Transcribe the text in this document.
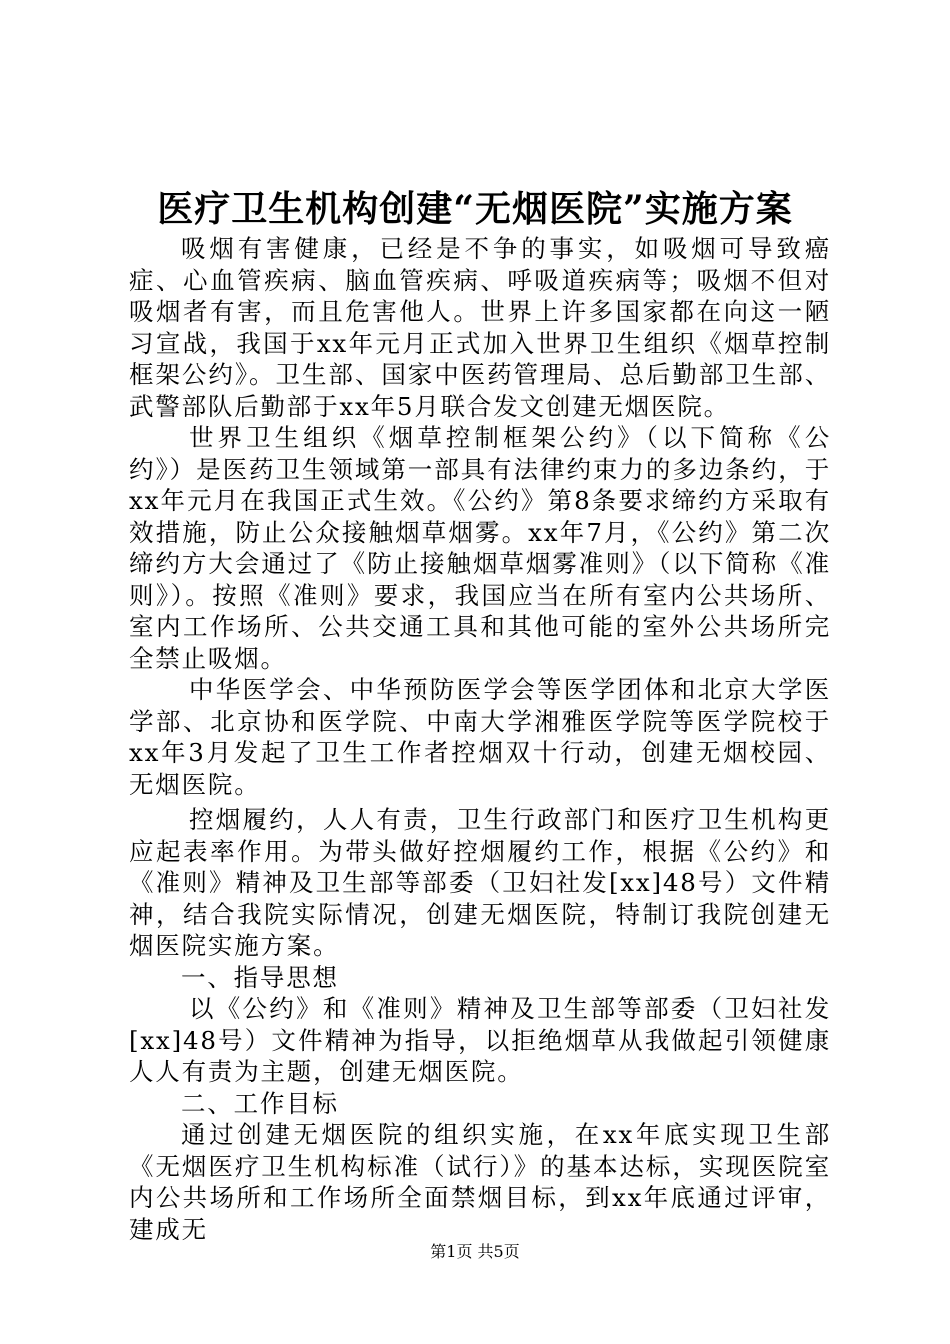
医疗卫生机构创建“无烟医院”实施方案

吸烟有害健康，已经是不争的事实，如吸烟可导致癌症、心血管疾病、脑血管疾病、呼吸道疾病等；吸烟不但对吸烟者有害，而且危害他人。世界上许多国家都在向这一陋习宣战，我国于xx年元月正式加入世界卫生组织《烟草控制框架公约》。卫生部、国家中医药管理局、总后勤部卫生部、武警部队后勤部于xx年5月联合发文创建无烟医院。

世界卫生组织《烟草控制框架公约》（以下简称《公约》）是医药卫生领域第一部具有法律约束力的多边条约，于xx年元月在我国正式生效。《公约》第8条要求缔约方采取有效措施，防止公众接触烟草烟雾。xx年7月，《公约》第二次缔约方大会通过了《防止接触烟草烟雾准则》（以下简称《准则》）。按照《准则》要求，我国应当在所有室内公共场所、室内工作场所、公共交通工具和其他可能的室外公共场所完全禁止吸烟。

中华医学会、中华预防医学会等医学团体和北京大学医学部、北京协和医学院、中南大学湘雅医学院等医学院校于xx年3月发起了卫生工作者控烟双十行动，创建无烟校园、无烟医院。

控烟履约，人人有责，卫生行政部门和医疗卫生机构更应起表率作用。为带头做好控烟履约工作，根据《公约》和《准则》精神及卫生部等部委（卫妇社发[xx]48号）文件精神，结合我院实际情况，创建无烟医院，特制订我院创建无烟医院实施方案。

一、指导思想

以《公约》和《准则》精神及卫生部等部委（卫妇社发[xx]48号）文件精神为指导，以拒绝烟草从我做起引领健康人人有责为主题，创建无烟医院。

二、工作目标

通过创建无烟医院的组织实施，在xx年底实现卫生部《无烟医疗卫生机构标准（试行）》的基本达标，实现医院室内公共场所和工作场所全面禁烟目标，到xx年底通过评审，建成无

第1页 共5页
